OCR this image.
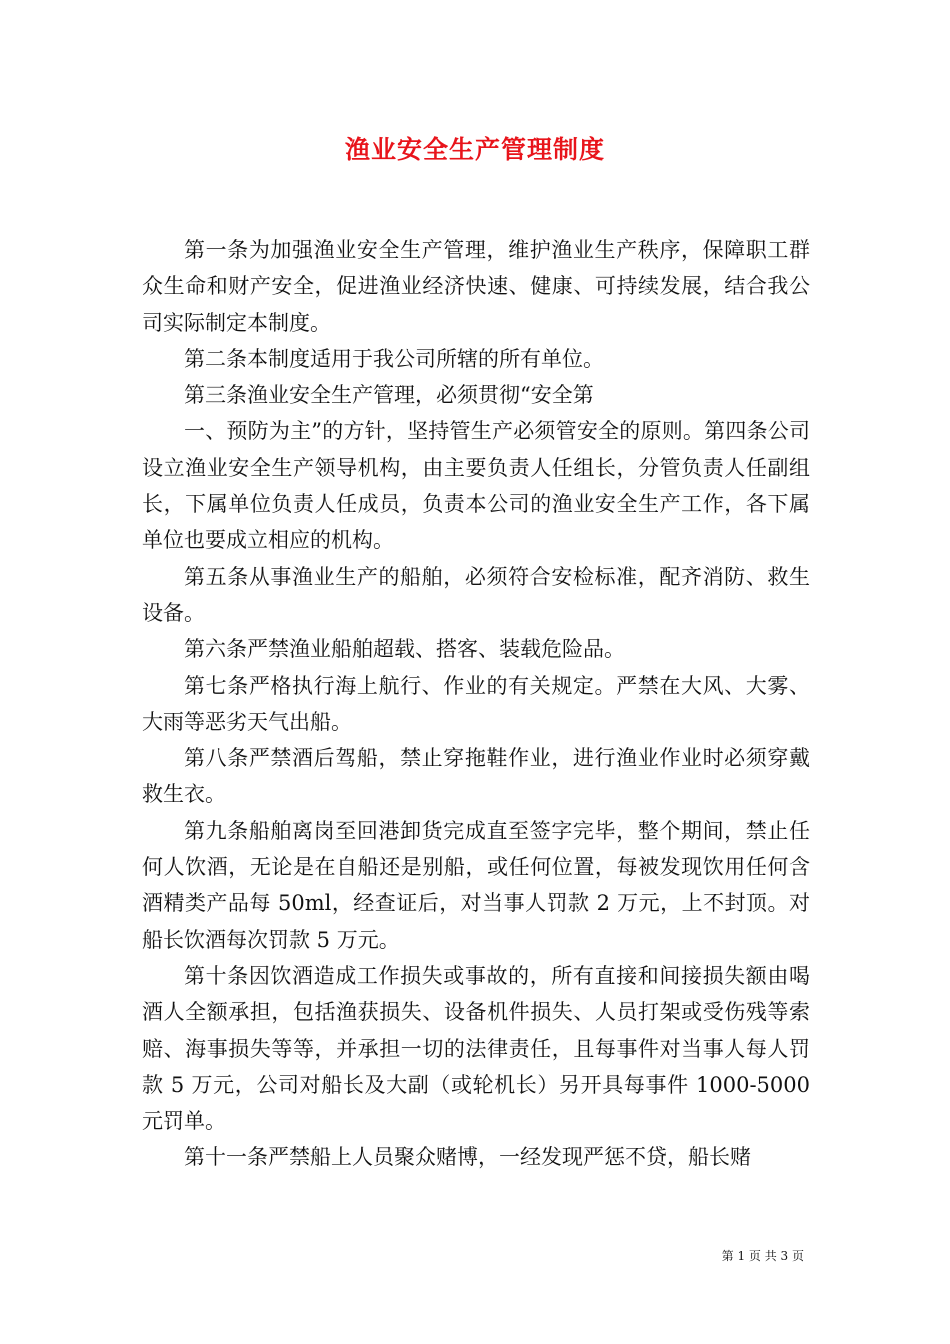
渔业安全生产管理制度

第一条为加强渔业安全生产管理，维护渔业生产秩序，保障职工群众生命和财产安全，促进渔业经济快速、健康、可持续发展，结合我公司实际制定本制度。

第二条本制度适用于我公司所辖的所有单位。

第三条渔业安全生产管理，必须贯彻“安全第

一、预防为主”的方针，坚持管生产必须管安全的原则。第四条公司设立渔业安全生产领导机构，由主要负责人任组长，分管负责人任副组长，下属单位负责人任成员，负责本公司的渔业安全生产工作，各下属单位也要成立相应的机构。

第五条从事渔业生产的船舶，必须符合安检标准，配齐消防、救生设备。

第六条严禁渔业船舶超载、搭客、装载危险品。

第七条严格执行海上航行、作业的有关规定。严禁在大风、大雾、大雨等恶劣天气出船。

第八条严禁酒后驾船，禁止穿拖鞋作业，进行渔业作业时必须穿戴救生衣。

第九条船舶离岗至回港卸货完成直至签字完毕，整个期间，禁止任何人饮酒，无论是在自船还是别船，或任何位置，每被发现饮用任何含酒精类产品每 50ml，经查证后，对当事人罚款 2 万元，上不封顶。对船长饮酒每次罚款 5 万元。

第十条因饮酒造成工作损失或事故的，所有直接和间接损失额由喝酒人全额承担，包括渔获损失、设备机件损失、人员打架或受伤残等索赔、海事损失等等，并承担一切的法律责任，且每事件对当事人每人罚款 5 万元，公司对船长及大副（或轮机长）另开具每事件 1000-5000 元罚单。

第十一条严禁船上人员聚众赌博，一经发现严惩不贷，船长赌

第 1 页 共 3 页
